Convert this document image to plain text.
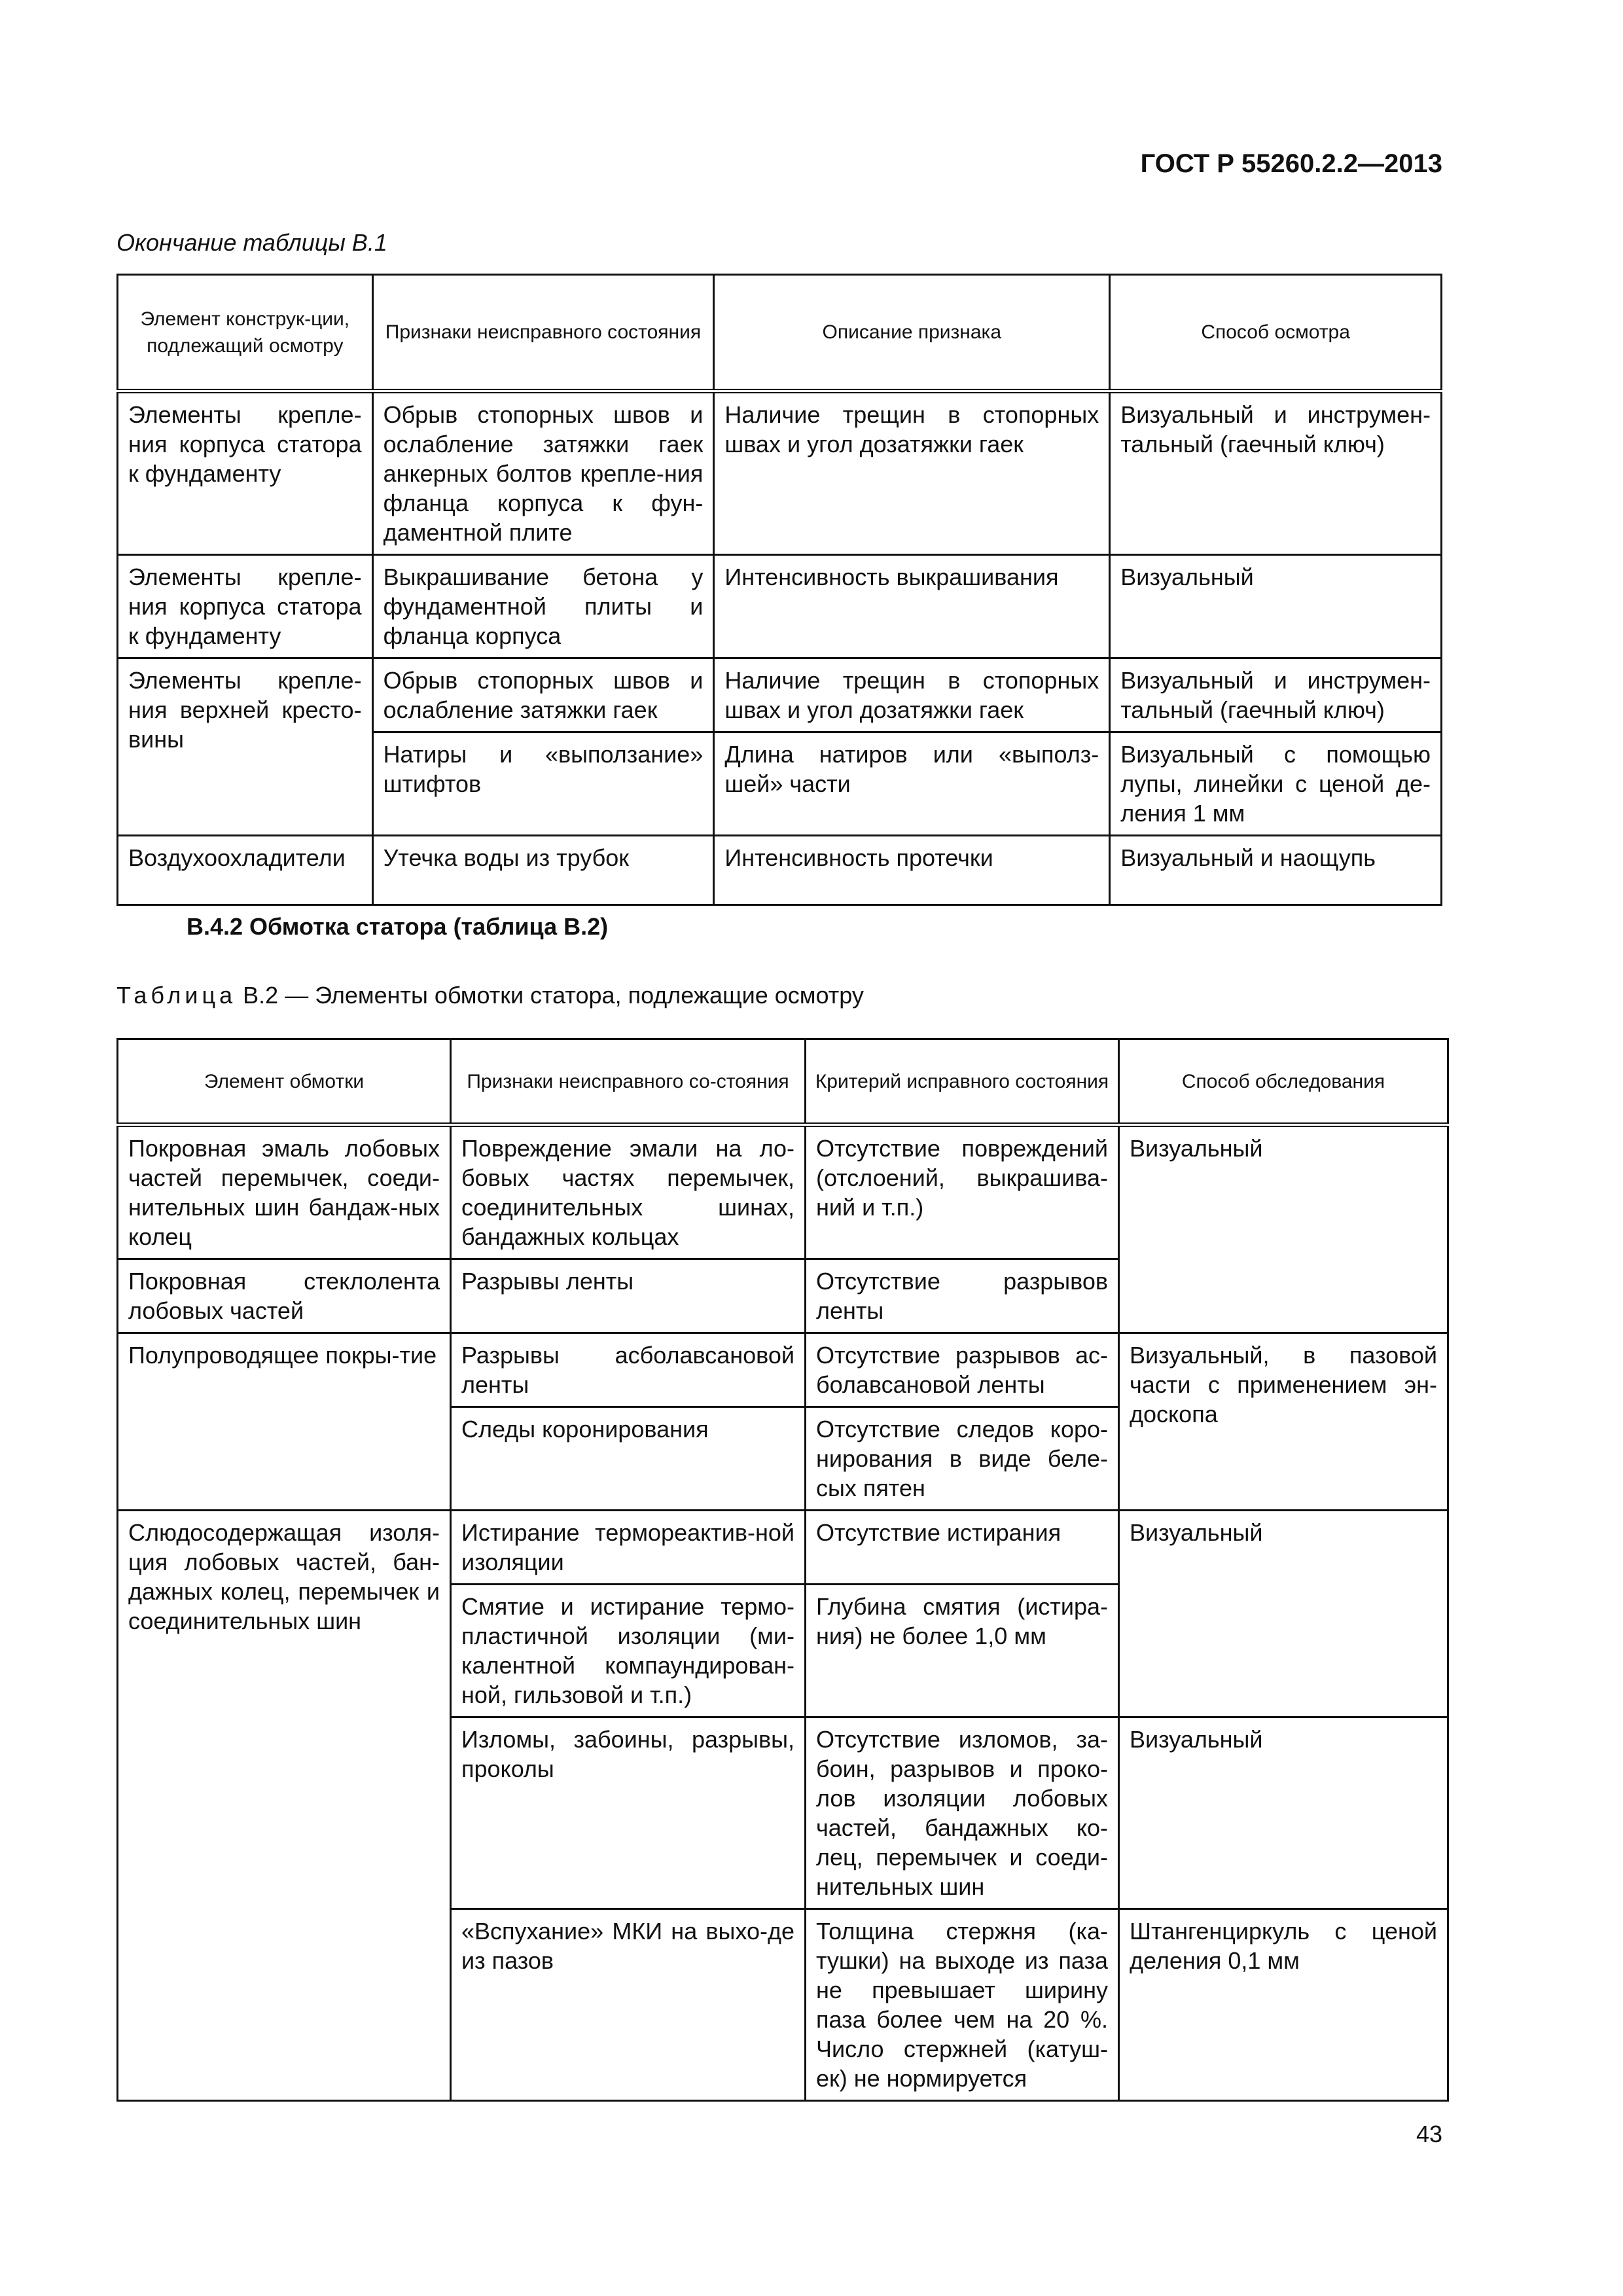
ГОСТ Р 55260.2.2—2013
Окончание таблицы В.1
Элемент конструк-ции, подлежащий осмотру	Признаки неисправного состояния	Описание признака	Способ осмотра
Элементы крепле-ния корпуса статора к фундаменту	Обрыв стопорных швов и ослабление затяжки гаек анкерных болтов крепле-ния фланца корпуса к фун-даментной плите	Наличие трещин в стопорных швах и угол дозатяжки гаек	Визуальный и инструмен-тальный (гаечный ключ)
Элементы крепле-ния корпуса статора к фундаменту	Выкрашивание бетона у фундаментной плиты и фланца корпуса	Интенсивность выкрашивания	Визуальный
Элементы крепле-ния верхней кресто-вины	Обрыв стопорных швов и ослабление затяжки гаек	Наличие трещин в стопорных швах и угол дозатяжки гаек	Визуальный и инструмен-тальный (гаечный ключ)
	Натиры и «выползание» штифтов	Длина натиров или «выполз-шей» части	Визуальный с помощью лупы, линейки с ценой де-ления 1 мм
Воздухоохладители	Утечка воды из трубок	Интенсивность протечки	Визуальный и наощупь
В.4.2 Обмотка статора (таблица В.2)
Таблица В.2 — Элементы обмотки статора, подлежащие осмотру
Элемент обмотки	Признаки неисправного со-стояния	Критерий исправного состояния	Способ обследования
Покровная эмаль лобовых частей перемычек, соеди-нительных шин бандаж-ных колец	Повреждение эмали на ло-бовых частях перемычек, соединительных шинах, бандажных кольцах	Отсутствие повреждений (отслоений, выкрашива-ний и т.п.)	Визуальный
Покровная стеклолента лобовых частей	Разрывы ленты	Отсутствие разрывов ленты	
Полупроводящее покры-тие	Разрывы асболавсановой ленты	Отсутствие разрывов ас-болавсановой ленты	Визуальный, в пазовой части с применением эн-доскопа
	Следы коронирования	Отсутствие следов коро-нирования в виде беле-сых пятен	
Слюдосодержащая изоля-ция лобовых частей, бан-дажных колец, перемычек и соединительных шин	Истирание термореактив-ной изоляции	Отсутствие истирания	Визуальный
	Смятие и истирание термо-пластичной изоляции (ми-калентной компаундирован-ной, гильзовой и т.п.)	Глубина смятия (истира-ния) не более 1,0 мм	
	Изломы, забоины, разрывы, проколы	Отсутствие изломов, за-боин, разрывов и проко-лов изоляции лобовых частей, бандажных ко-лец, перемычек и соеди-нительных шин	Визуальный
	«Вспухание» МКИ на выхо-де из пазов	Толщина стержня (ка-тушки) на выходе из паза не превышает ширину паза более чем на 20 %. Число стержней (катуш-ек) не нормируется	Штангенциркуль с ценой деления 0,1 мм
43
